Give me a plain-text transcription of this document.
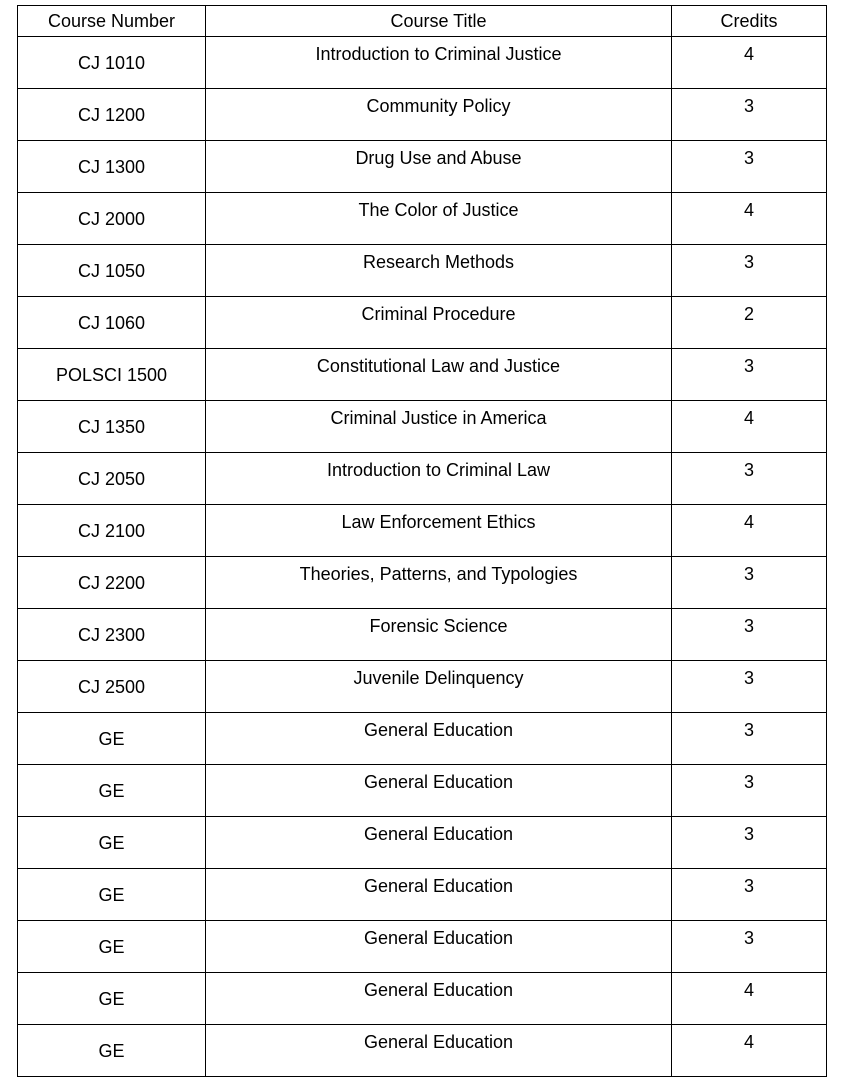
Course Number	Course Title	Credits
CJ 1010	Introduction to Criminal Justice	4
CJ 1200	Community Policy	3
CJ 1300	Drug Use and Abuse	3
CJ 2000	The Color of Justice	4
CJ 1050	Research Methods	3
CJ 1060	Criminal Procedure	2
POLSCI 1500	Constitutional Law and Justice	3
CJ 1350	Criminal Justice in America	4
CJ 2050	Introduction to Criminal Law	3
CJ 2100	Law Enforcement Ethics	4
CJ 2200	Theories, Patterns, and Typologies	3
CJ 2300	Forensic Science	3
CJ 2500	Juvenile Delinquency	3
GE	General Education	3
GE	General Education	3
GE	General Education	3
GE	General Education	3
GE	General Education	3
GE	General Education	4
GE	General Education	4
